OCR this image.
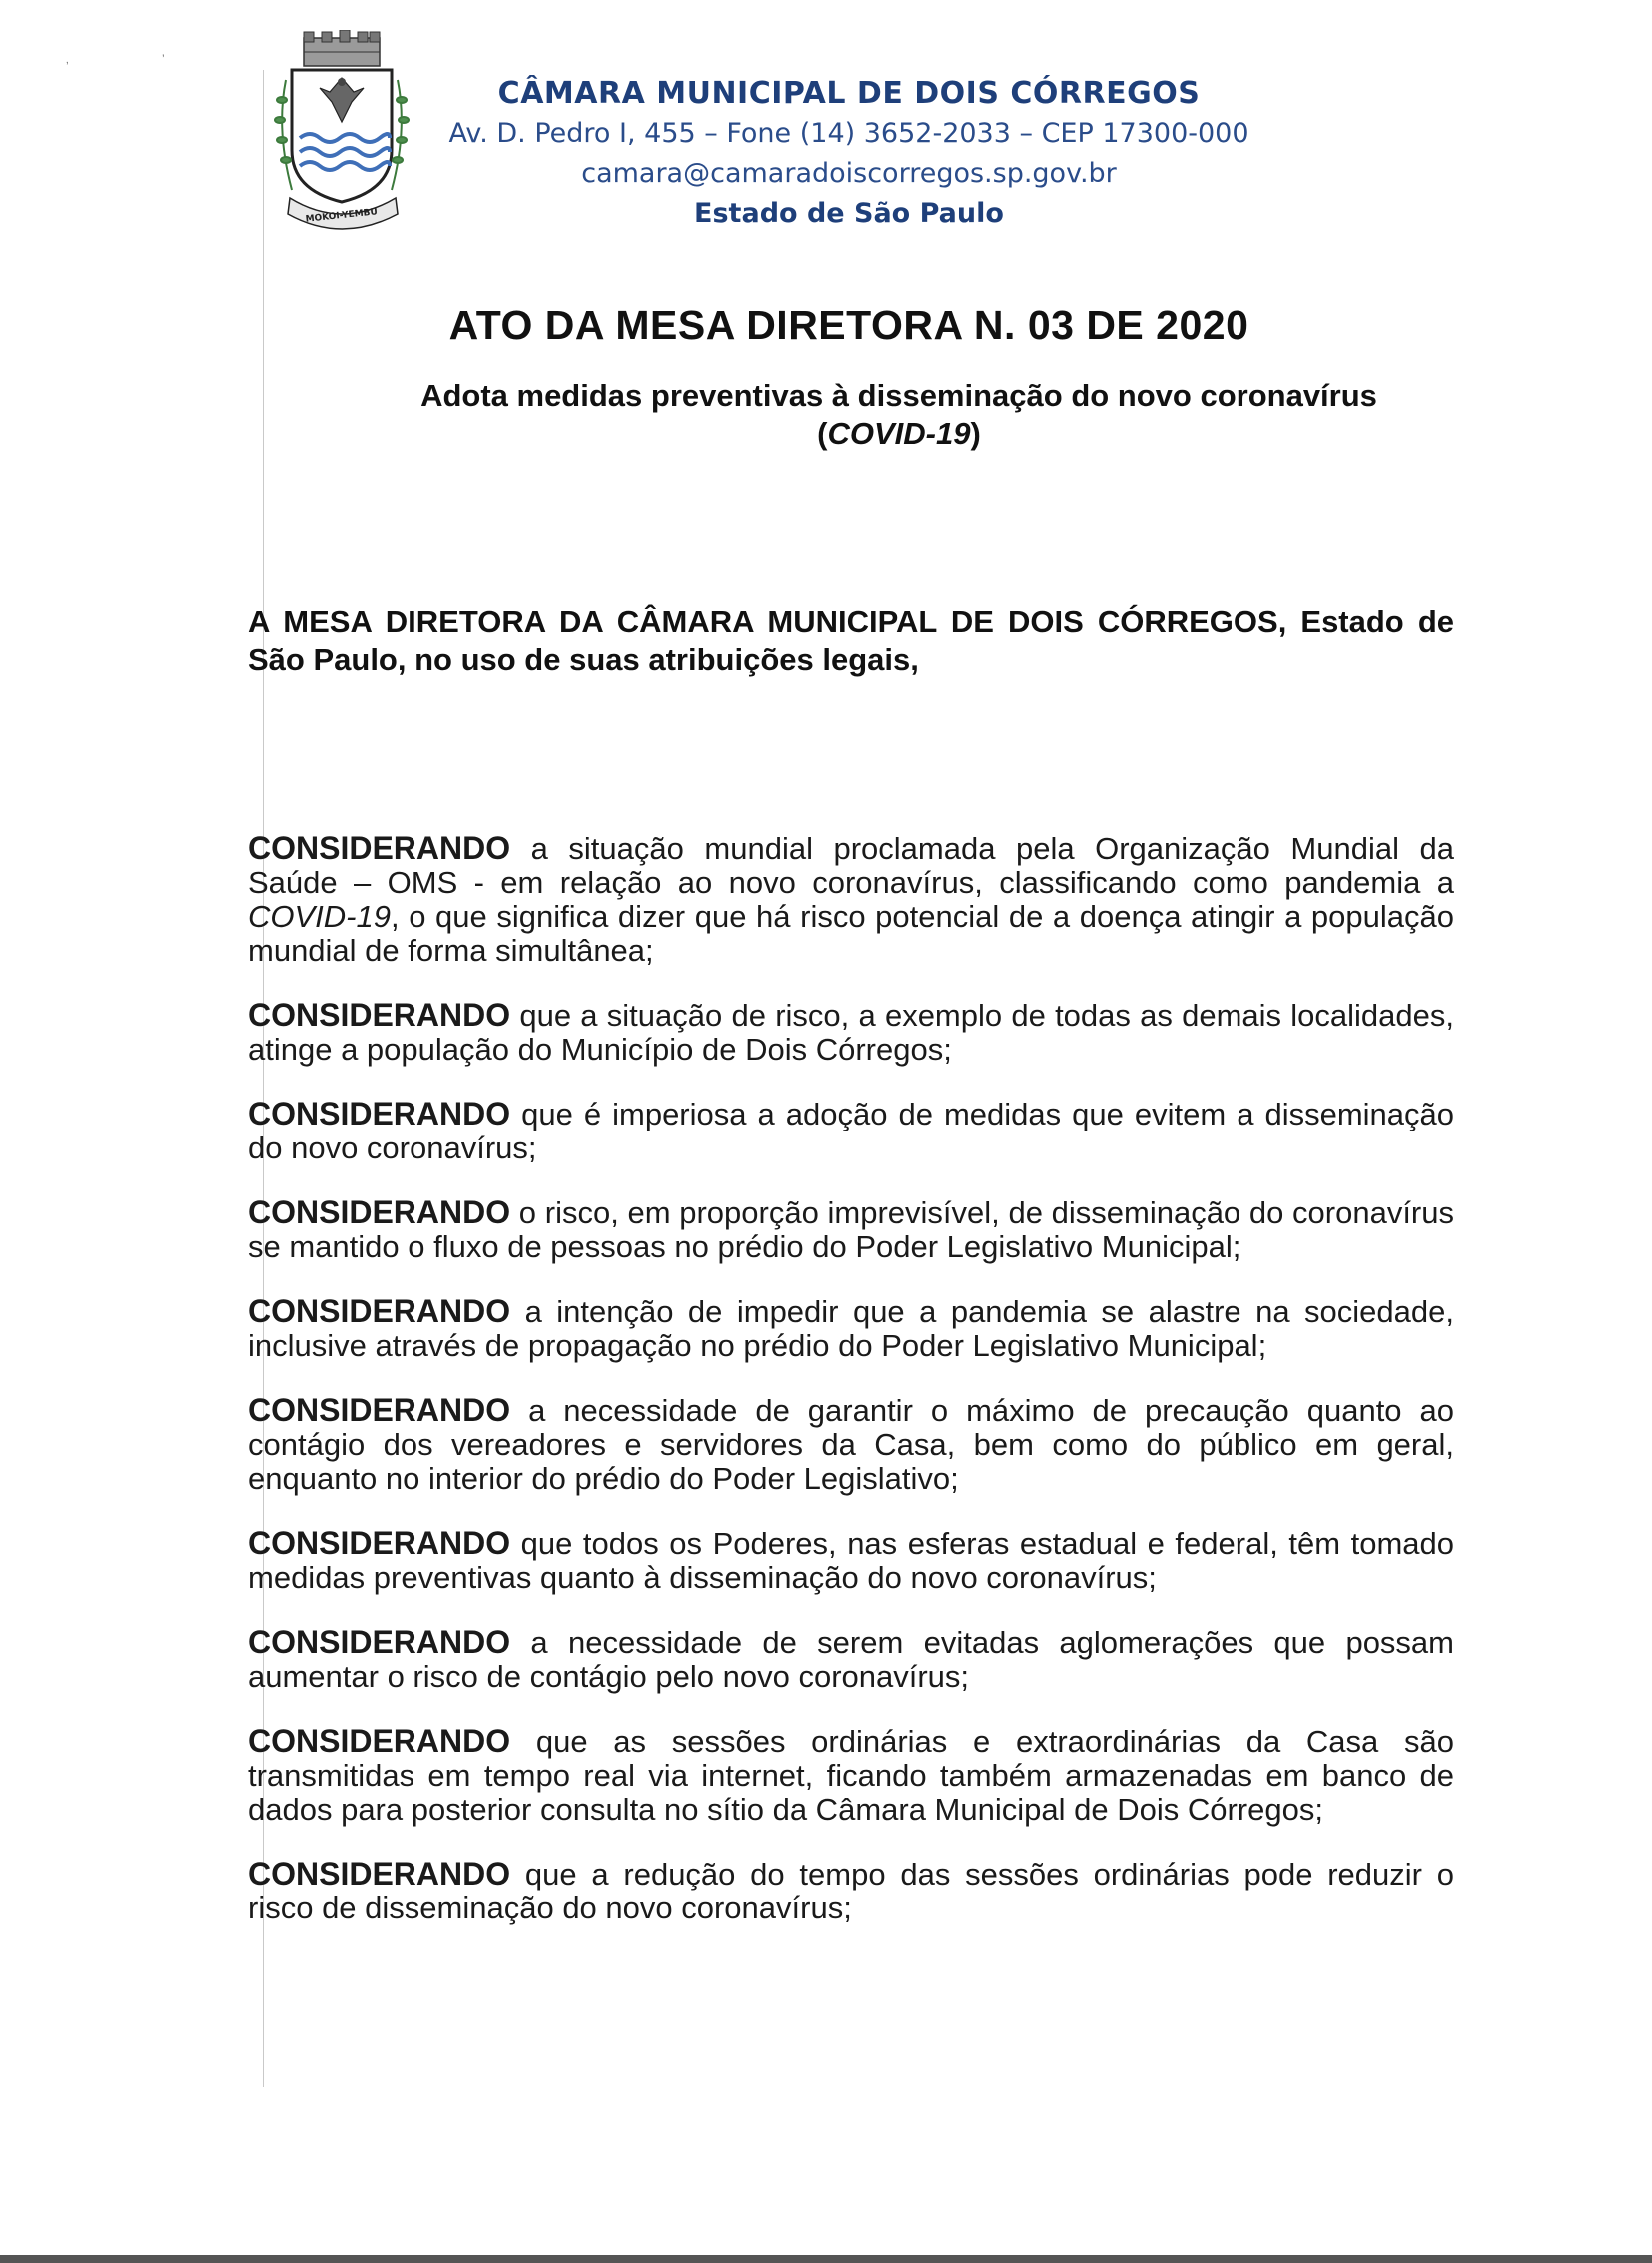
‚	’
MOKOI-YEMBU
CÂMARA MUNICIPAL DE DOIS CÓRREGOS
Av. D. Pedro I, 455 – Fone (14) 3652-2033 – CEP 17300-000
camara@camaradoiscorregos.sp.gov.br
Estado de São Paulo
ATO DA MESA DIRETORA N. 03 DE 2020
Adota medidas preventivas à disseminação do novo coronavírus
(COVID-19)
A MESA DIRETORA DA CÂMARA MUNICIPAL DE DOIS CÓRREGOS, Estado de São Paulo, no uso de suas atribuições legais,

CONSIDERANDO a situação mundial proclamada pela Organização Mundial da Saúde – OMS - em relação ao novo coronavírus, classificando como pandemia a COVID-19, o que significa dizer que há risco potencial de a doença atingir a população mundial de forma simultânea;

CONSIDERANDO que a situação de risco, a exemplo de todas as demais localidades, atinge a população do Município de Dois Córregos;

CONSIDERANDO que é imperiosa a adoção de medidas que evitem a disseminação do novo coronavírus;

CONSIDERANDO o risco, em proporção imprevisível, de disseminação do coronavírus se mantido o fluxo de pessoas no prédio do Poder Legislativo Municipal;

CONSIDERANDO a intenção de impedir que a pandemia se alastre na sociedade, inclusive através de propagação no prédio do Poder Legislativo Municipal;

CONSIDERANDO a necessidade de garantir o máximo de precaução quanto ao contágio dos vereadores e servidores da Casa, bem como do público em geral, enquanto no interior do prédio do Poder Legislativo;

CONSIDERANDO que todos os Poderes, nas esferas estadual e federal, têm tomado medidas preventivas quanto à disseminação do novo coronavírus;

CONSIDERANDO a necessidade de serem evitadas aglomerações que possam aumentar o risco de contágio pelo novo coronavírus;

CONSIDERANDO que as sessões ordinárias e extraordinárias da Casa são transmitidas em tempo real via internet, ficando também armazenadas em banco de dados para posterior consulta no sítio da Câmara Municipal de Dois Córregos;

CONSIDERANDO que a redução do tempo das sessões ordinárias pode reduzir o risco de disseminação do novo coronavírus;
